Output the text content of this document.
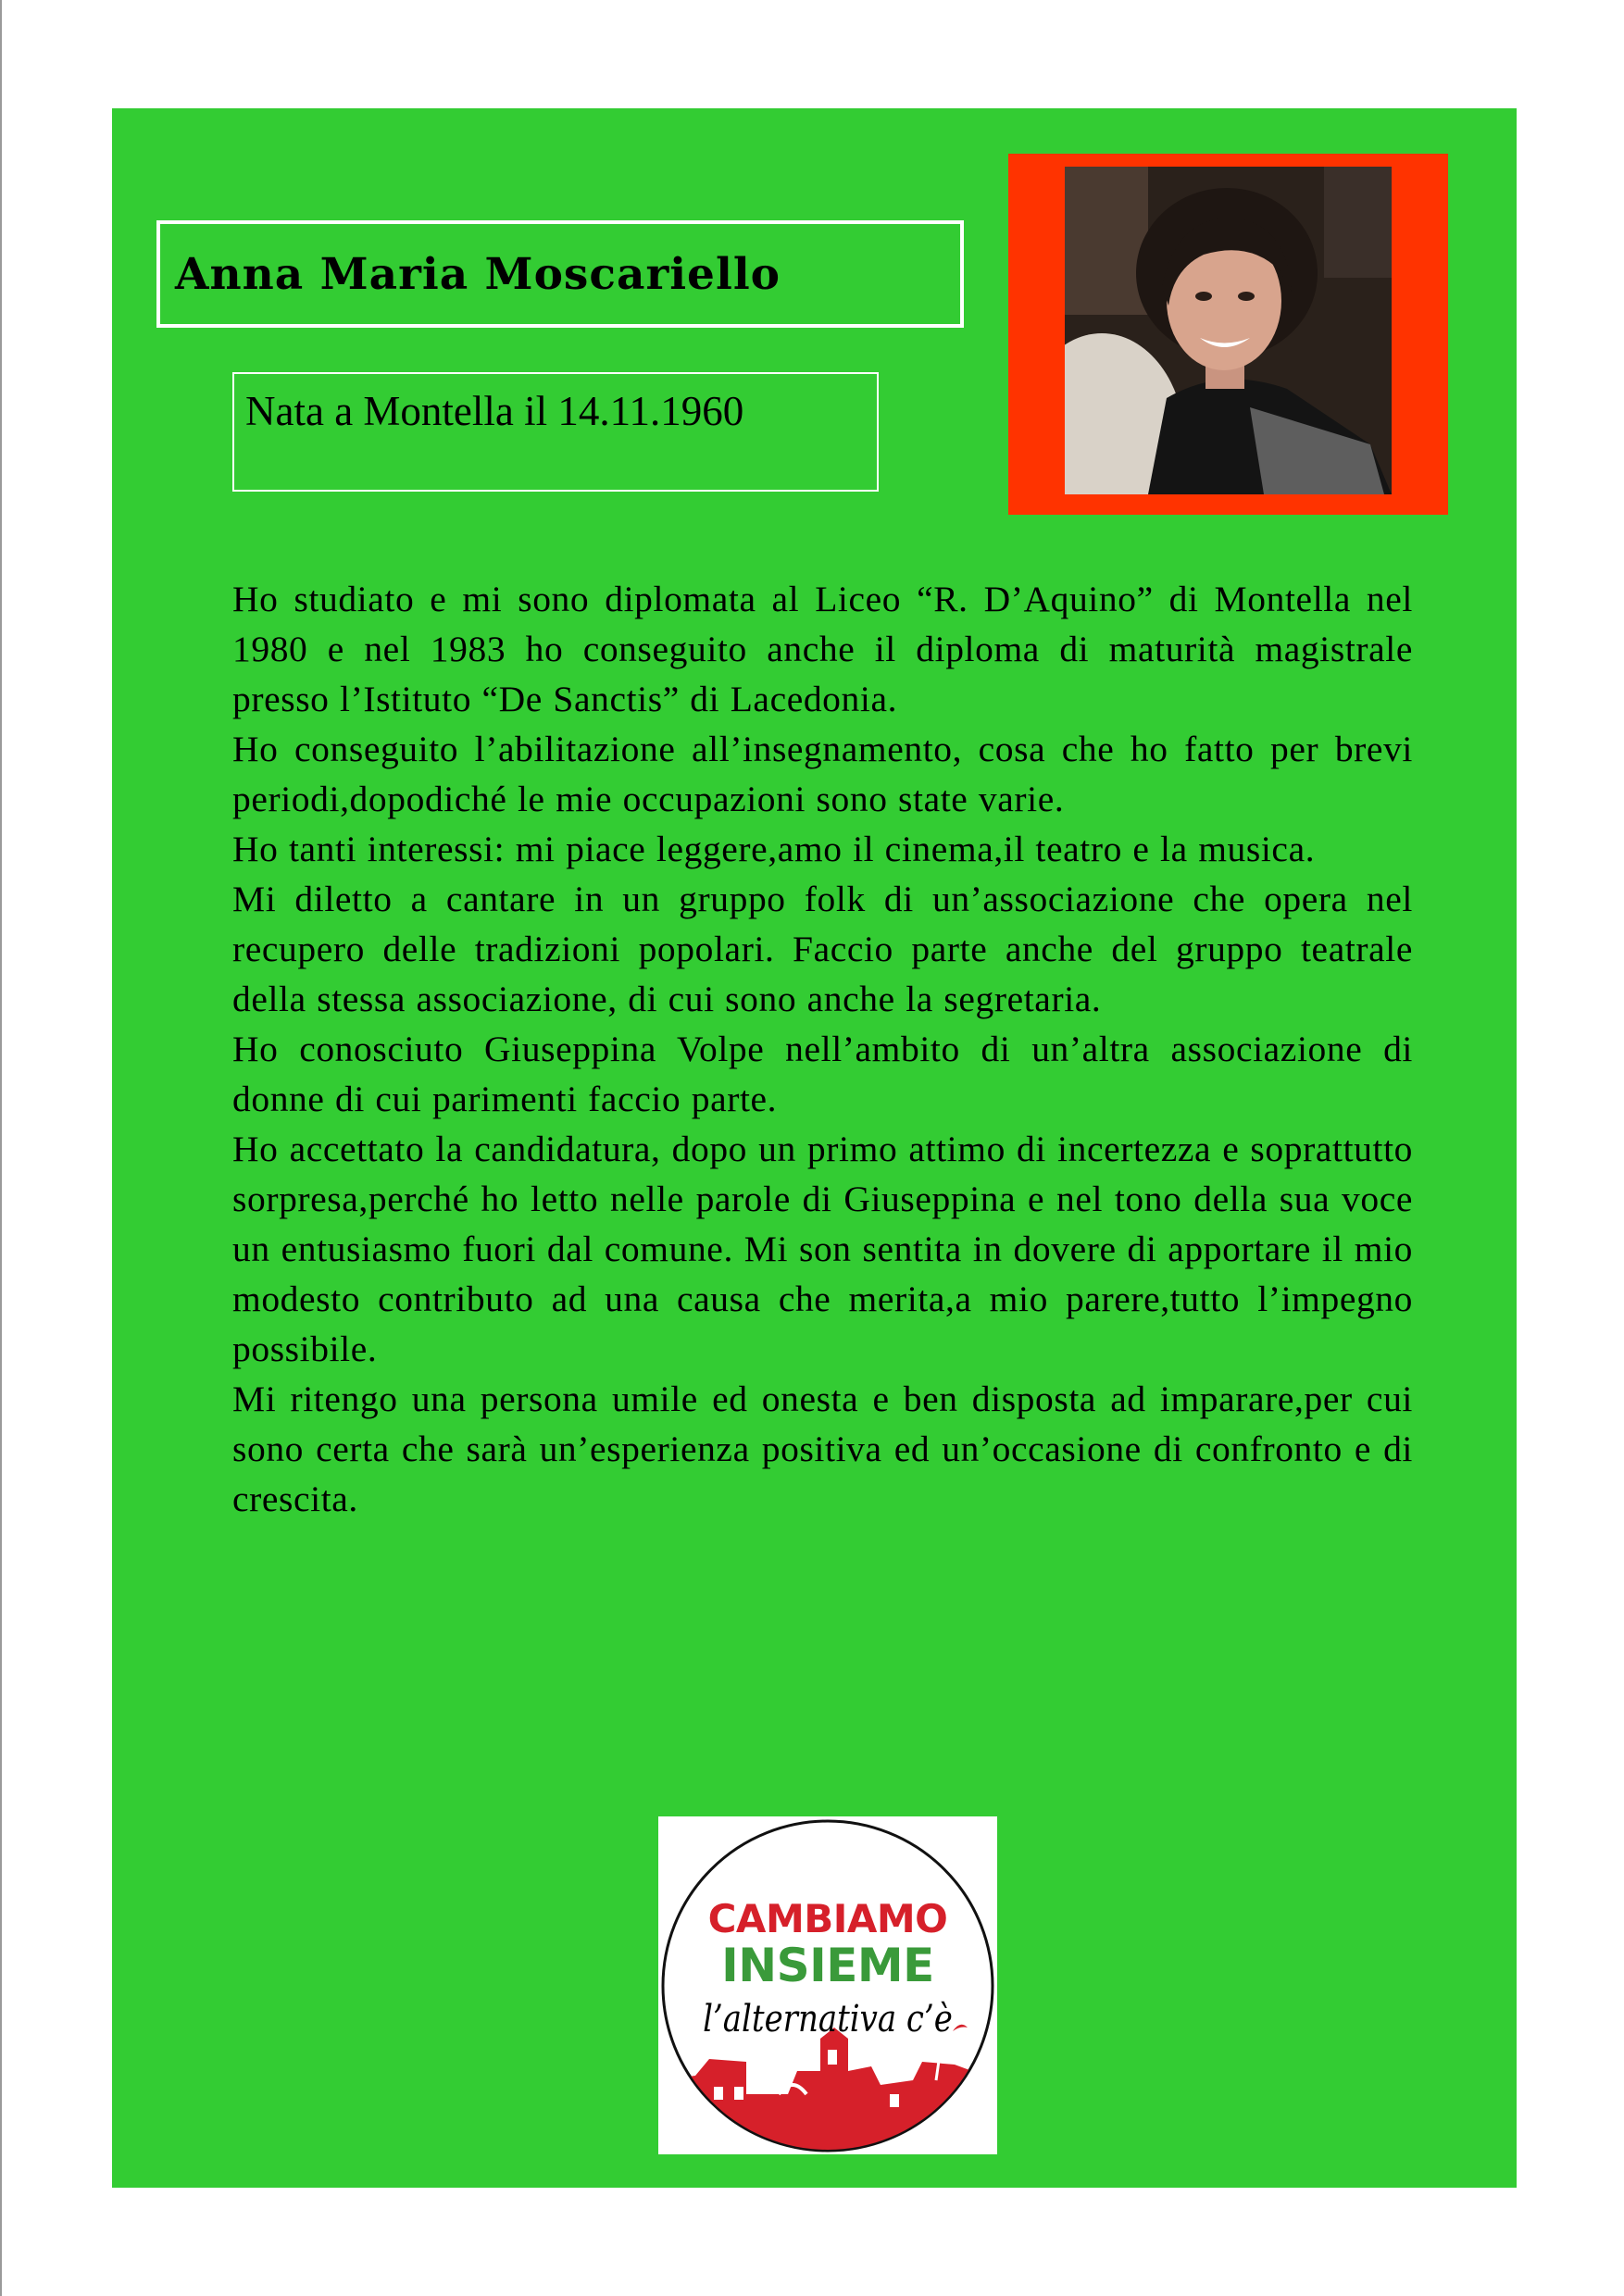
Anna Maria Moscariello
Nata a Montella il 14.11.1960

Ho studiato e mi sono diplomata al Liceo “R. D’Aquino” di Montella nel 1980 e nel 1983 ho conseguito anche il diploma di maturità magistrale presso l’Istituto “De Sanctis” di Lacedonia.

Ho conseguito l’abilitazione all’insegnamento, cosa che ho fatto per brevi periodi,dopodiché le mie occupazioni sono state varie.

Ho tanti interessi: mi piace leggere,amo il cinema,il teatro e la musica.

Mi diletto a cantare in un gruppo folk di un’associazione che opera nel recupero delle tradizioni popolari. Faccio parte anche del gruppo teatrale della stessa associazione, di cui sono anche la segretaria.

Ho conosciuto Giuseppina Volpe nell’ambito di un’altra associazione di donne di cui parimenti faccio parte.

Ho accettato la candidatura, dopo un primo attimo di incertezza e soprattutto sorpresa,perché ho letto nelle parole di Giuseppina e nel tono della sua voce un entusiasmo fuori dal comune. Mi son sentita in dovere di apportare il mio modesto contributo ad una causa che merita,a mio parere,tutto l’impegno possibile.

Mi ritengo una persona umile ed onesta e ben disposta ad imparare,per cui sono certa che sarà un’esperienza positiva ed un’occasione di confronto e di crescita.

CAMBIAMO
INSIEME
l’alternativa c’è
